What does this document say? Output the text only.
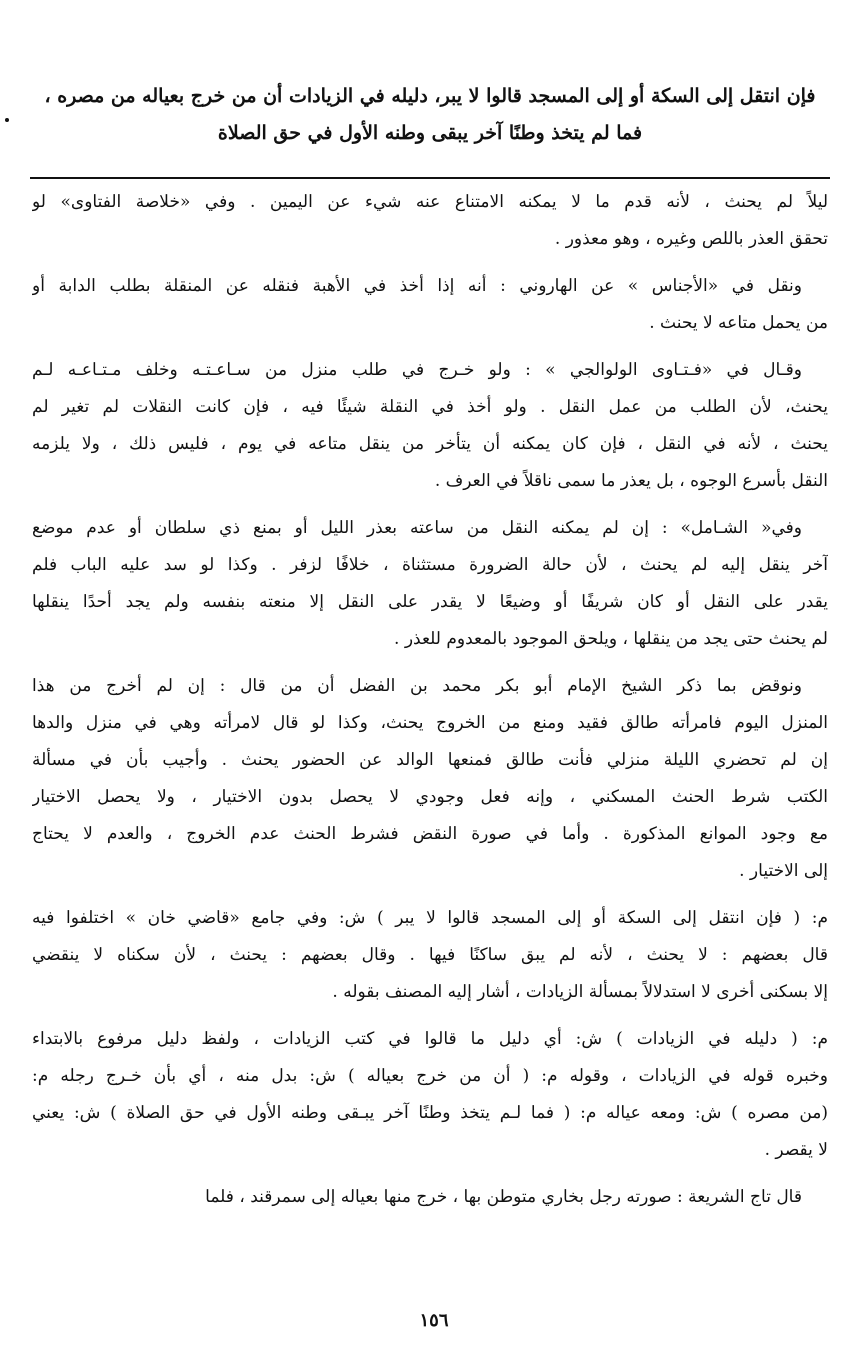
فإن انتقل إلى السكة أو إلى المسجد قالوا لا يبر، دليله في الزيادات أن من خرج بعياله من مصره ،
فما لم يتخذ وطنًا آخر يبقى وطنه الأول في حق الصلاة
ليلاً لم يحنث ، لأنه قدم ما لا يمكنه الامتناع عنه شيء عن اليمين . وفي «خلاصة الفتاوى» لو
تحقق العذر باللص وغيره ، وهو معذور .
ونقل في «الأجناس » عن الهاروني : أنه إذا أخذ في الأهبة فنقله عن المنقلة بطلب الدابة أو
من يحمل متاعه لا يحنث .
وقـال في «فـتـاوى الولوالجي » : ولو خـرج في طلب منزل من سـاعـتـه وخلف مـتـاعـه لـم
يحنث، لأن الطلب من عمل النقل . ولو أخذ في النقلة شيئًا فيه ، فإن كانت النقلات لم تغير لم
يحنث ، لأنه في النقل ، فإن كان يمكنه أن يتأخر من ينقل متاعه في يوم ، فليس ذلك ، ولا يلزمه
النقل بأسرع الوجوه ، بل يعذر ما سمى ناقلاً في العرف .
وفي« الشـامل» : إن لم يمكنه النقل من ساعته بعذر الليل أو بمنع ذي سلطان أو عدم موضع
آخر ينقل إليه لم يحنث ، لأن حالة الضرورة مستثناة ، خلافًا لزفر . وكذا لو سد عليه الباب فلم
يقدر على النقل أو كان شريفًا أو وضيعًا لا يقدر على النقل إلا منعته بنفسه ولم يجد أحدًا ينقلها
لم يحنث حتى يجد من ينقلها ، ويلحق الموجود بالمعدوم للعذر .
ونوقض بما ذكر الشيخ الإمام أبو بكر محمد بن الفضل أن من قال : إن لم أخرج من هذا
المنزل اليوم فامرأته طالق فقيد ومنع من الخروج يحنث، وكذا لو قال لامرأته وهي في منزل والدها
إن لم تحضري الليلة منزلي فأنت طالق فمنعها الوالد عن الحضور يحنث . وأجيب بأن في مسألة
الكتب شرط الحنث المسكني ، وإنه فعل وجودي لا يحصل بدون الاختيار ، ولا يحصل الاختيار
مع وجود الموانع المذكورة . وأما في صورة النقض فشرط الحنث عدم الخروج ، والعدم لا يحتاج
إلى الاختيار .
م: ( فإن انتقل إلى السكة أو إلى المسجد قالوا لا يبر ) ش: وفي جامع «قاضي خان » اختلفوا فيه
قال بعضهم : لا يحنث ، لأنه لم يبق ساكنًا فيها . وقال بعضهم : يحنث ، لأن سكناه لا ينقضي
إلا بسكنى أخرى لا استدلالاً بمسألة الزيادات ، أشار إليه المصنف بقوله .
م: ( دليله في الزيادات ) ش: أي دليل ما قالوا في كتب الزيادات ، ولفظ دليل مرفوع بالابتداء
وخبره قوله في الزيادات ، وقوله م: ( أن من خرج بعياله ) ش: بدل منه ، أي بأن خـرج رجله م:
(من مصره ) ش: ومعه عياله م: ( فما لـم يتخذ وطنًا آخر يبـقى وطنه الأول في حق الصلاة ) ش: يعني
لا يقصر .
قال تاج الشريعة : صورته رجل بخاري متوطن بها ، خرج منها بعياله إلى سمرقند ، فلما
١٥٦
